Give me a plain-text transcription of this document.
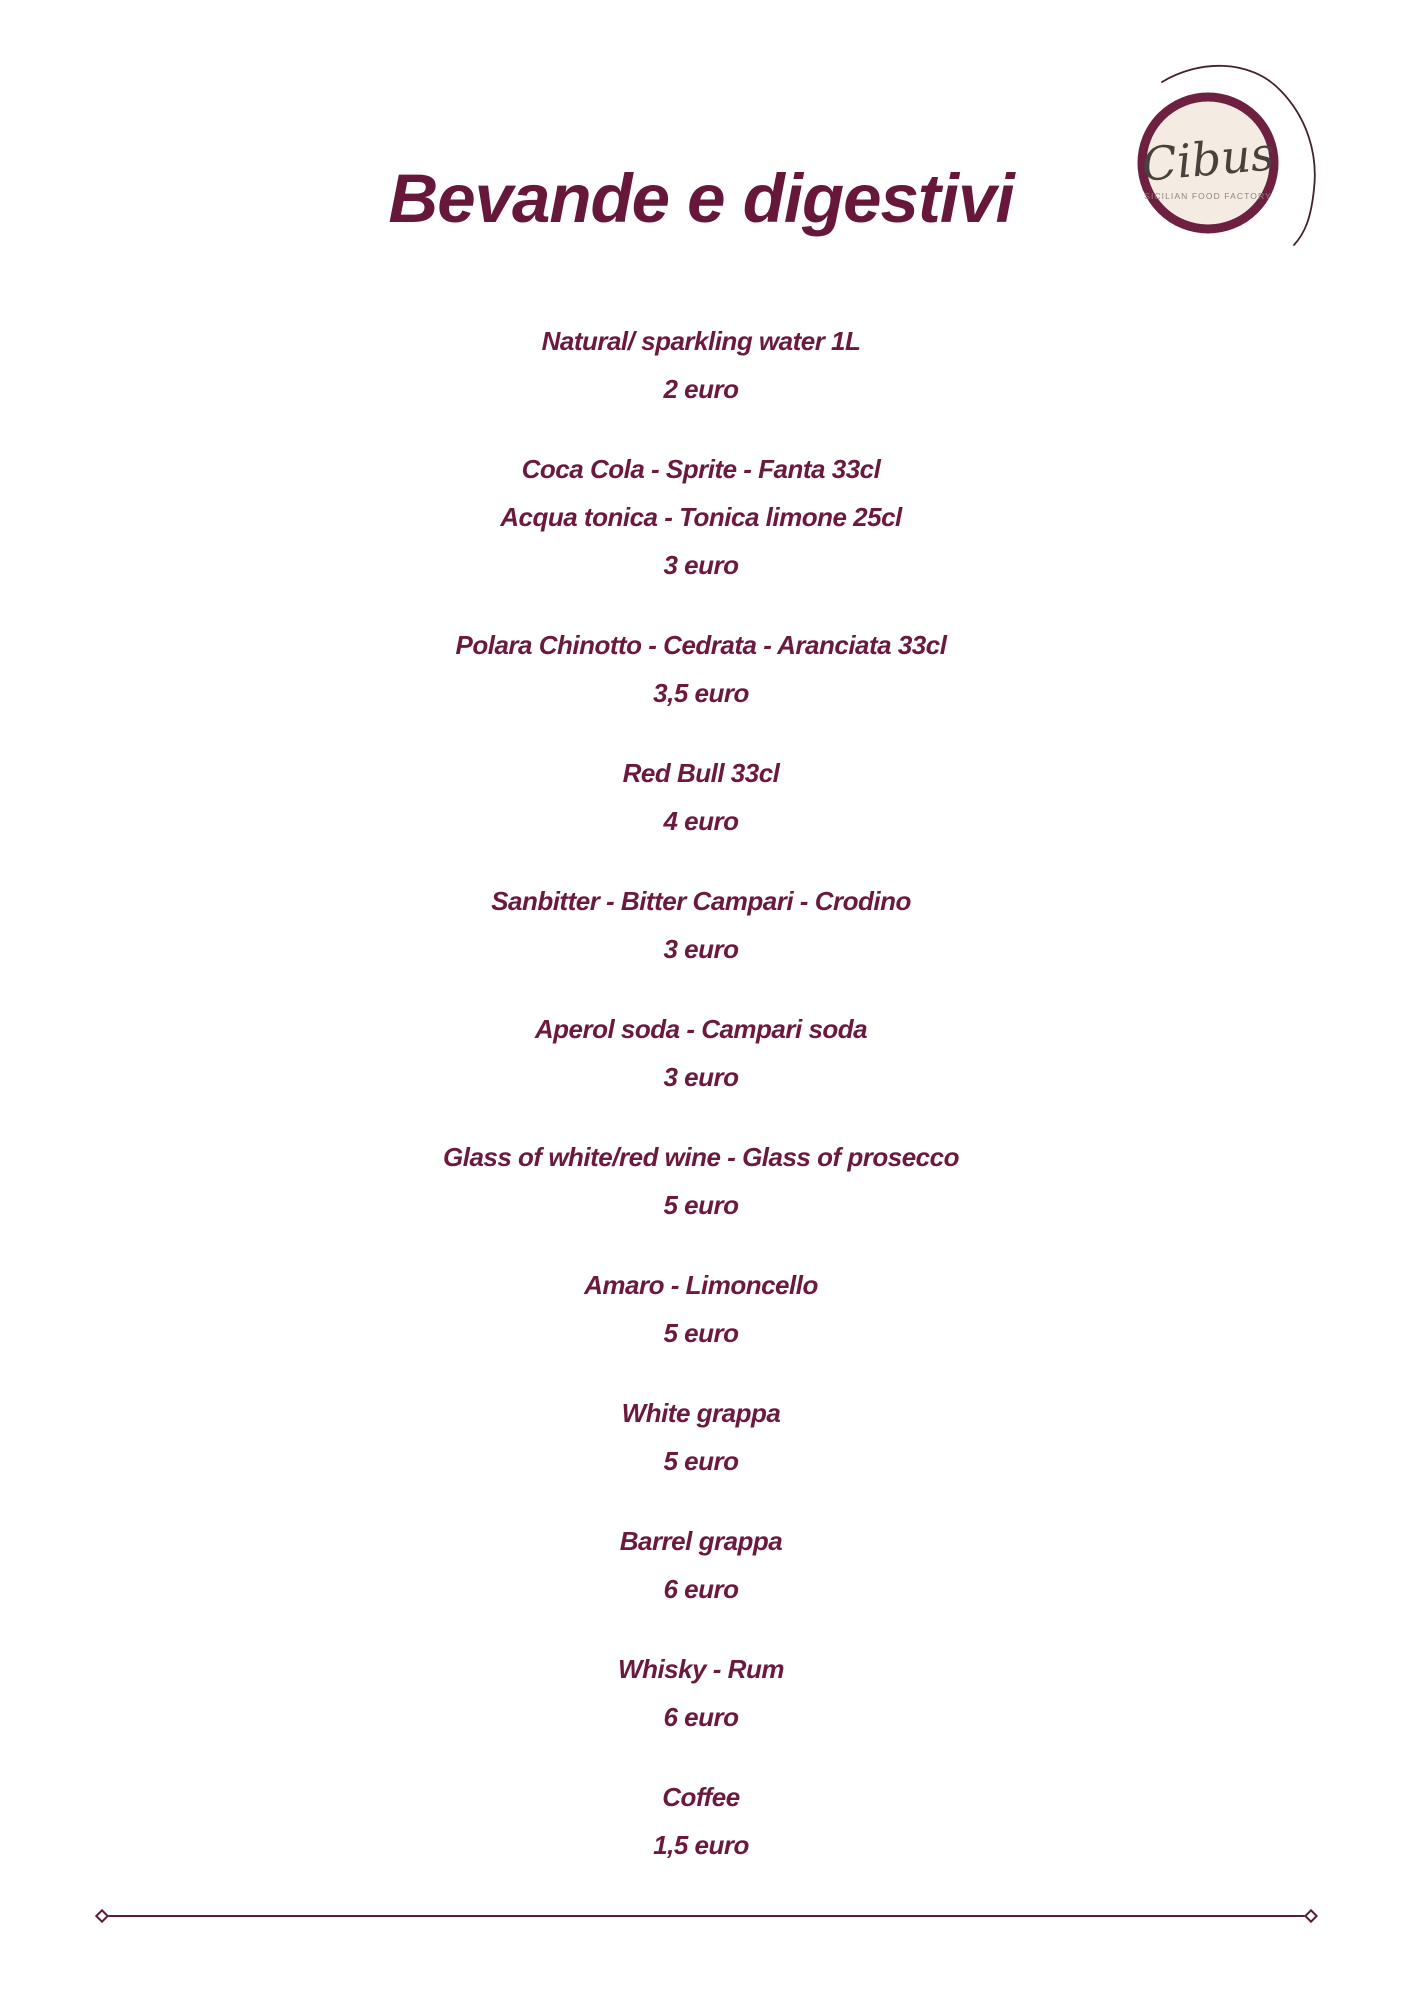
Bevande e digestivi
Cibus
SICILIAN FOOD FACTORY
Natural/ sparkling water 1L
2 euro
Coca Cola - Sprite - Fanta 33cl
Acqua tonica - Tonica limone 25cl
3 euro
Polara Chinotto - Cedrata - Aranciata 33cl
3,5 euro
Red Bull 33cl
4 euro
Sanbitter - Bitter Campari - Crodino
3 euro
Aperol soda - Campari soda
3 euro
Glass of white/red wine - Glass of prosecco
5 euro
Amaro - Limoncello
5 euro
White grappa
5 euro
Barrel grappa
6 euro
Whisky - Rum
6 euro
Coffee
1,5 euro
